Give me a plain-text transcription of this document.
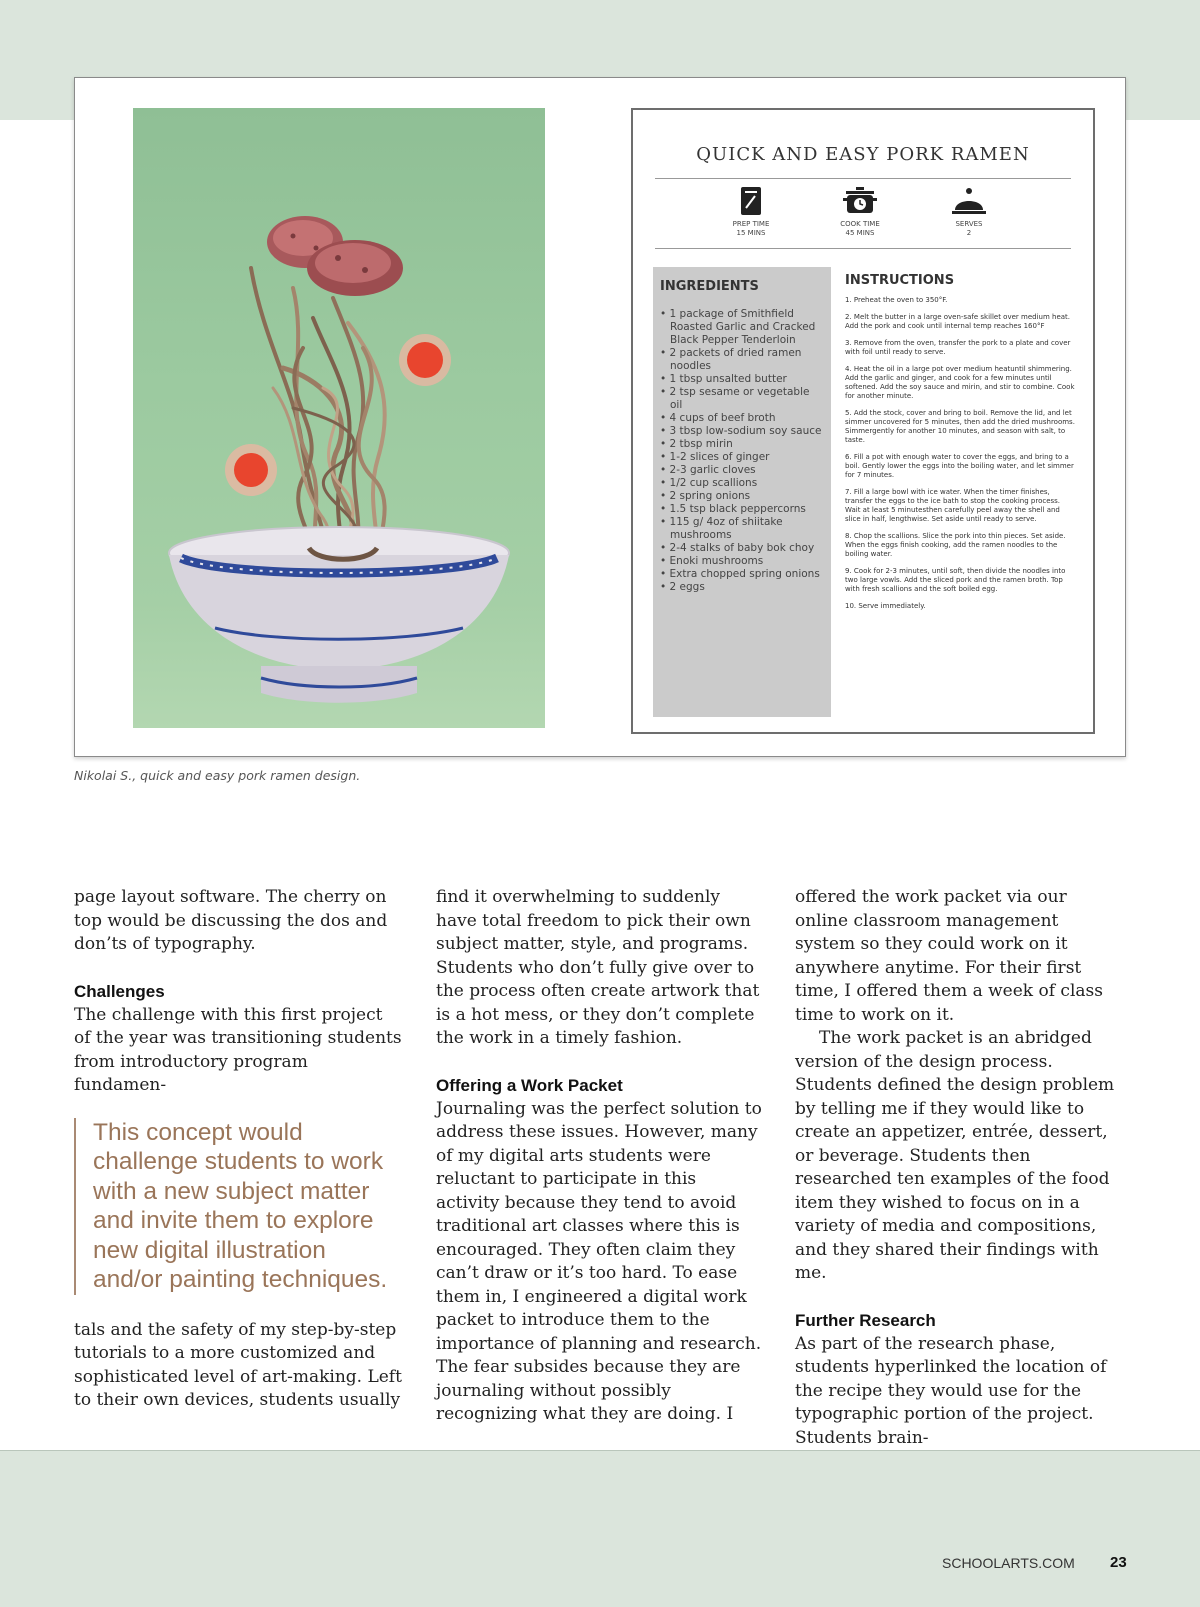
QUICK AND EASY PORK RAMEN
PREP TIME
15 MINS
COOK TIME
45 MINS
SERVES
2
INGREDIENTS
• 1 package of Smithfield Roasted Garlic and Cracked Black Pepper Tenderloin
• 2 packets of dried ramen noodles
• 1 tbsp unsalted butter
• 2 tsp sesame or vegetable oil
• 4 cups of beef broth
• 3 tbsp low-sodium soy sauce
• 2 tbsp mirin
• 1-2 slices of ginger
• 2-3 garlic cloves
• 1/2 cup scallions
• 2 spring onions
• 1.5 tsp black peppercorns
• 115 g/ 4oz of shiitake mushrooms
• 2-4 stalks of baby bok choy
• Enoki mushrooms
• Extra chopped spring onions
• 2 eggs
INSTRUCTIONS
1. Preheat the oven to 350°F.
2. Melt the butter in a large oven-safe skillet over medium heat. Add the pork and cook until internal temp reaches 160°F
3. Remove from the oven, transfer the pork to a plate and cover with foil until ready to serve.
4. Heat the oil in a large pot over medium heatuntil shimmering. Add the garlic and ginger, and cook for a few minutes until softened. Add the soy sauce and mirin, and stir to combine. Cook for another minute.
5. Add the stock, cover and bring to boil. Remove the lid, and let simmer uncovered for 5 minutes, then add the dried mushrooms. Simmergently for another 10 minutes, and season with salt, to taste.
6. Fill a pot with enough water to cover the eggs, and bring to a boil. Gently lower the eggs into the boiling water, and let simmer for 7 minutes.
7. Fill a large bowl with ice water. When the timer finishes, transfer the eggs to the ice bath to stop the cooking process. Wait at least 5 minutesthen carefully peel away the shell and slice in half, lengthwise. Set aside until ready to serve.
8. Chop the scallions. Slice the pork into thin pieces. Set aside. When the eggs finish cooking, add the ramen noodles to the boiling water.
9. Cook for 2-3 minutes, until soft, then divide the noodles into two large vowls. Add the sliced pork and the ramen broth. Top with fresh scallions and the soft boiled egg.
10. Serve immediately.
Nikolai S., quick and easy pork ramen design.

page layout software. The cherry on top would be discussing the dos and don’ts of typography.

Challenges

The challenge with this first project of the year was transitioning students from introductory program fundamen-

This concept would challenge students to work with a new subject matter and invite them to explore new digital illustration and/or painting techniques.

tals and the safety of my step-by-step tutorials to a more customized and sophisticated level of art-making. Left to their own devices, students usually

find it overwhelming to suddenly have total freedom to pick their own subject matter, style, and programs. Students who don’t fully give over to the process often create artwork that is a hot mess, or they don’t complete the work in a timely fashion.

Offering a Work Packet

Journaling was the perfect solution to address these issues. However, many of my digital arts students were reluctant to participate in this activity because they tend to avoid traditional art classes where this is encouraged. They often claim they can’t draw or it’s too hard. To ease them in, I engineered a digital work packet to introduce them to the importance of planning and research. The fear subsides because they are journaling without possibly recognizing what they are doing. I

offered the work packet via our online classroom management system so they could work on it anywhere anytime. For their first time, I offered them a week of class time to work on it.

The work packet is an abridged version of the design process. Students defined the design problem by telling me if they would like to create an appetizer, entrée, dessert, or beverage. Students then researched ten examples of the food item they wished to focus on in a variety of media and compositions, and they shared their findings with me.

Further Research

As part of the research phase, students hyperlinked the location of the recipe they would use for the typographic portion of the project. Students brain-

SCHOOLARTS.COM 23
